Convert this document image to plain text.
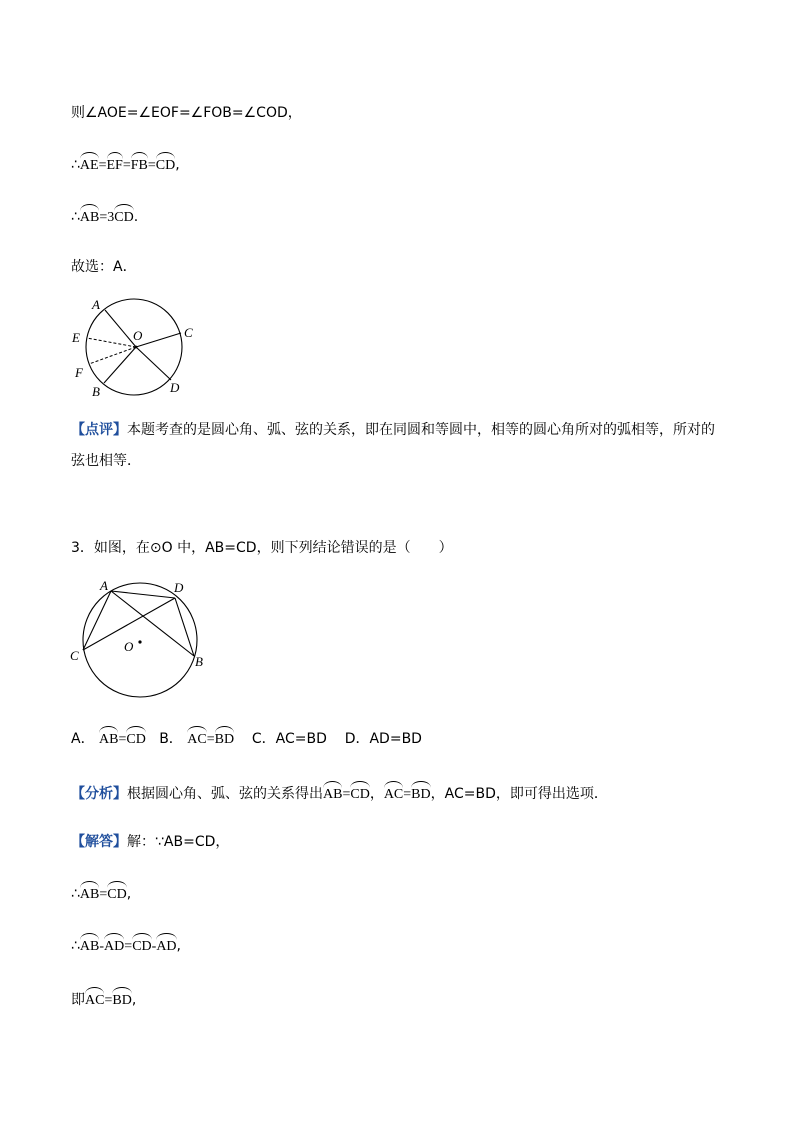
则∠AOE=∠EOF=∠FOB=∠COD，
∴AE=EF=FB=CD,
∴AB=3CD.
故选：A．
A
O	C
E
F
B	D
【点评】本题考查的是圆心角、弧、弦的关系，即在同圆和等圆中，相等的圆心角所对的弧相等，所对的
弦也相等．
3．如图，在⊙O 中，AB=CD，则下列结论错误的是（　　）
A	D
C
O
B
A． AB=CD B． AC=BD C．AC=BD D．AD=BD
【分析】根据圆心角、弧、弦的关系得出AB=CD，AC=BD，AC=BD，即可得出选项．
【解答】解：∵AB=CD，
∴AB=CD,
∴AB-AD=CD-AD,
即AC=BD,
